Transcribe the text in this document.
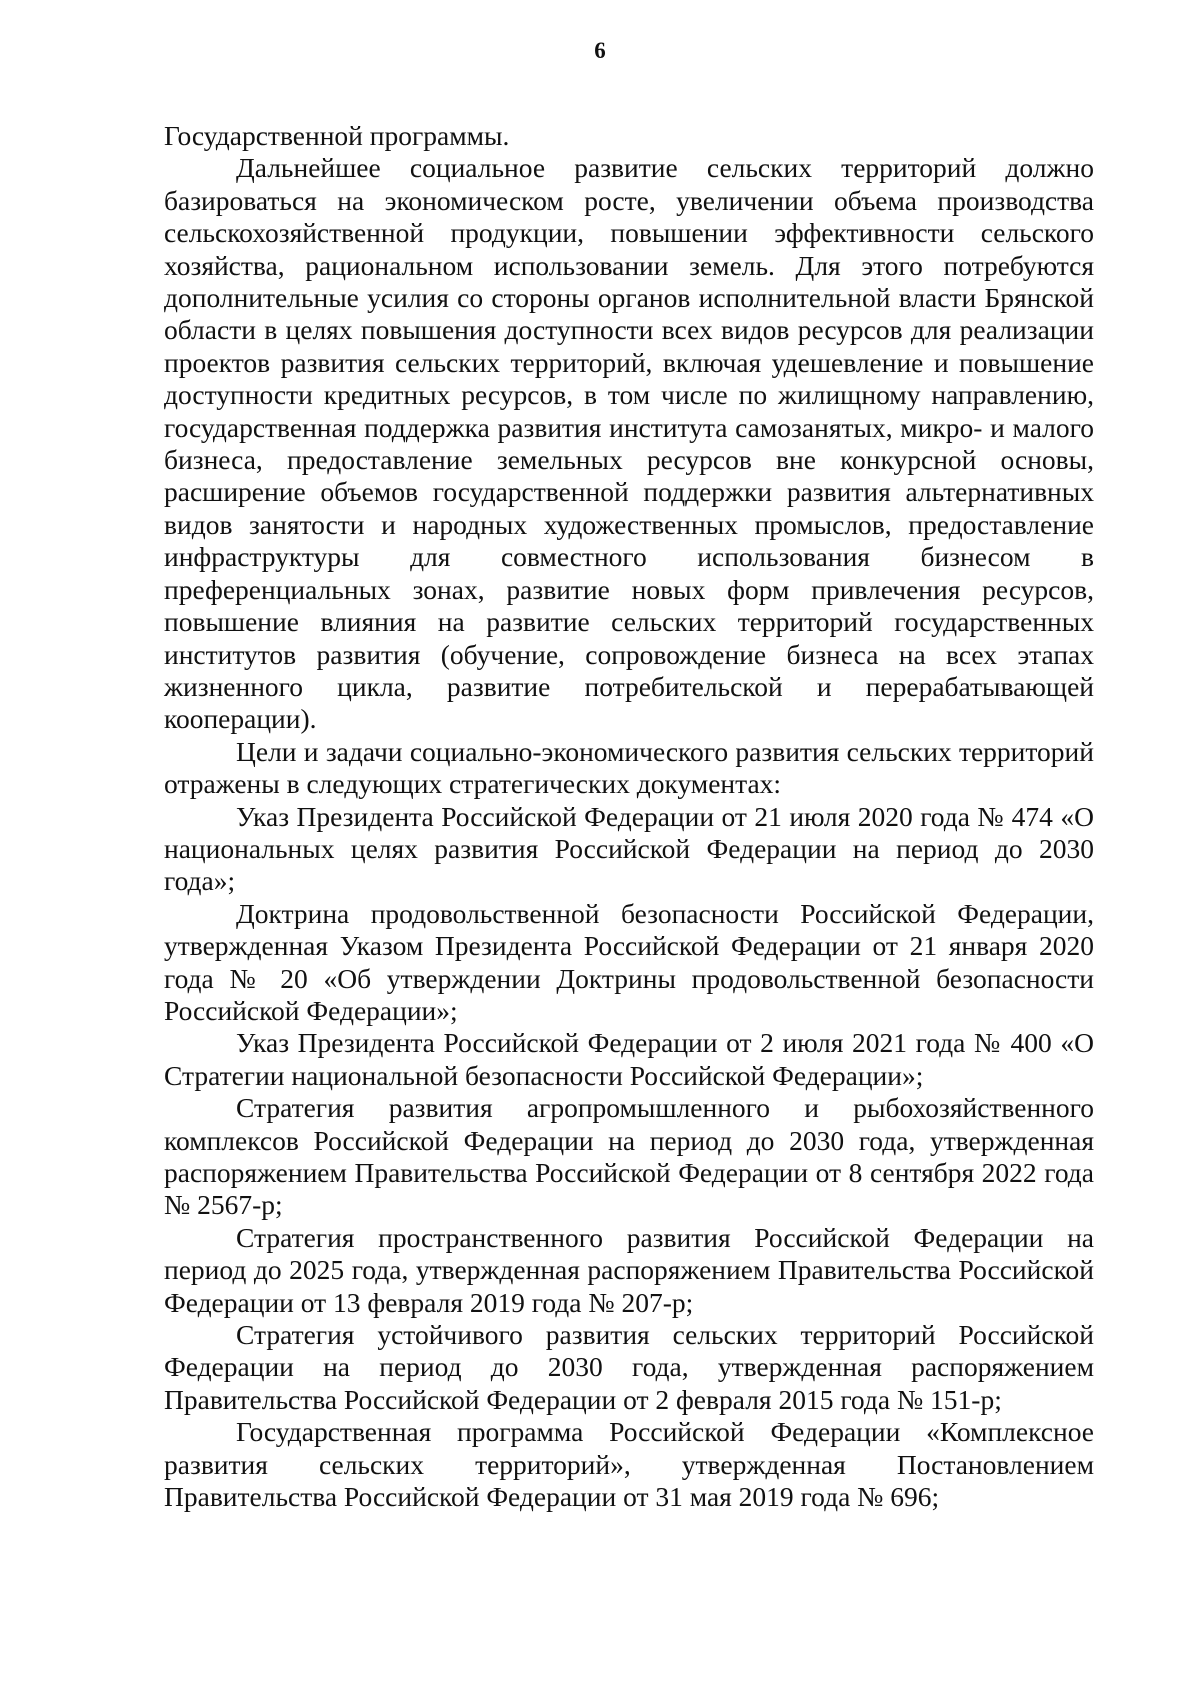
6

Государственной программы.

Дальнейшее социальное развитие сельских территорий должно базироваться на экономическом росте, увеличении объема производства сельскохозяйственной продукции, повышении эффективности сельского хозяйства, рациональном использовании земель. Для этого потребуются дополнительные усилия со стороны органов исполнительной власти Брянской области в целях повышения доступности всех видов ресурсов для реализации проектов развития сельских территорий, включая удешевление и повышение доступности кредитных ресурсов, в том числе по жилищному направлению, государственная поддержка развития института самозанятых, микро- и малого бизнеса, предоставление земельных ресурсов вне конкурсной основы, расширение объемов государственной поддержки развития альтернативных видов занятости и народных художественных промыслов, предоставление инфраструктуры для совместного использования бизнесом в преференциальных зонах, развитие новых форм привлечения ресурсов, повышение влияния на развитие сельских территорий государственных институтов развития (обучение, сопровождение бизнеса на всех этапах жизненного цикла, развитие потребительской и перерабатывающей кооперации).

Цели и задачи социально-экономического развития сельских территорий отражены в следующих стратегических документах:

Указ Президента Российской Федерации от 21 июля 2020 года № 474 «О национальных целях развития Российской Федерации на период до 2030 года»;

Доктрина продовольственной безопасности Российской Федерации, утвержденная Указом Президента Российской Федерации от 21 января 2020 года № 20 «Об утверждении Доктрины продовольственной безопасности Российской Федерации»;

Указ Президента Российской Федерации от 2 июля 2021 года № 400 «О Стратегии национальной безопасности Российской Федерации»;

Стратегия развития агропромышленного и рыбохозяйственного комплексов Российской Федерации на период до 2030 года, утвержденная распоряжением Правительства Российской Федерации от 8 сентября 2022 года № 2567-р;

Стратегия пространственного развития Российской Федерации на период до 2025 года, утвержденная распоряжением Правительства Российской Федерации от 13 февраля 2019 года № 207-р;

Стратегия устойчивого развития сельских территорий Российской Федерации на период до 2030 года, утвержденная распоряжением Правительства Российской Федерации от 2 февраля 2015 года № 151-р;

Государственная программа Российской Федерации «Комплексное развития сельских территорий», утвержденная Постановлением Правительства Российской Федерации от 31 мая 2019 года № 696;
